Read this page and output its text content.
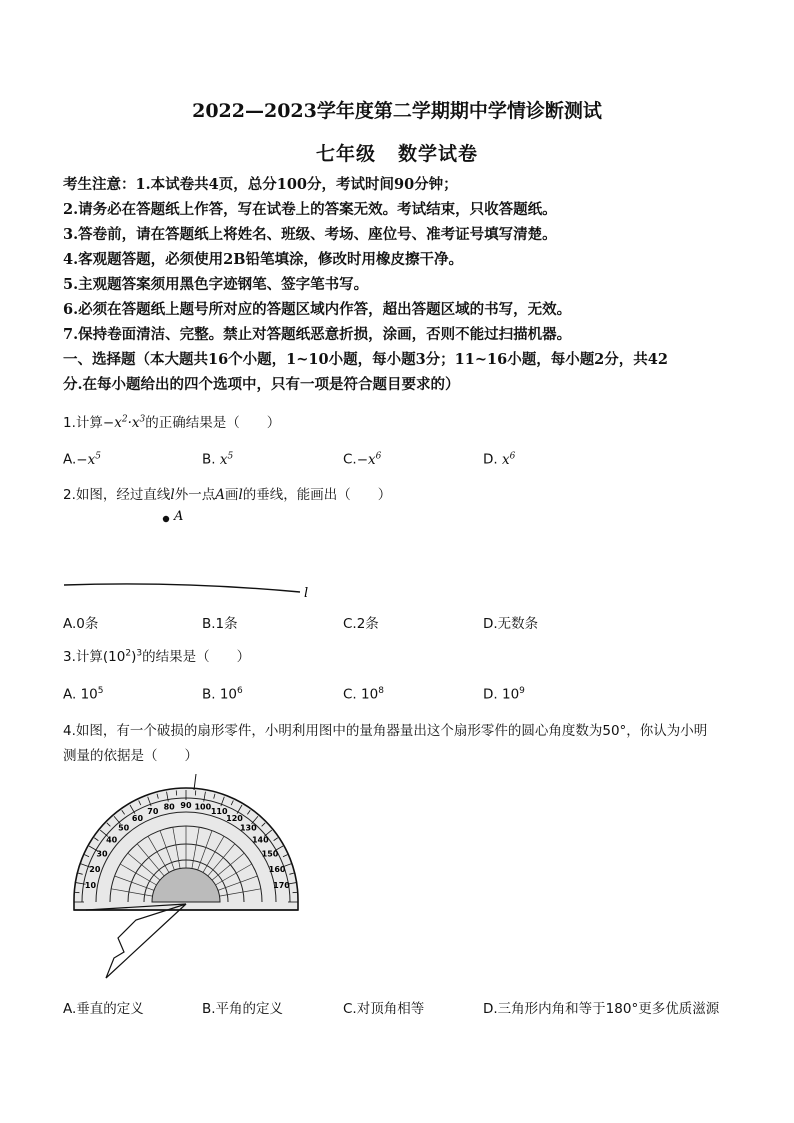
2022—2023学年度第二学期期中学情诊断测试
七年级 数学试卷
考生注意：1.本试卷共4页，总分100分，考试时间90分钟；
2.请务必在答题纸上作答，写在试卷上的答案无效。考试结束，只收答题纸。
3.答卷前，请在答题纸上将姓名、班级、考场、座位号、准考证号填写清楚。
4.客观题答题，必须使用2B铅笔填涂，修改时用橡皮擦干净。
5.主观题答案须用黑色字迹钢笔、签字笔书写。
6.必须在答题纸上题号所对应的答题区域内作答，超出答题区域的书写，无效。
7.保持卷面清洁、完整。禁止对答题纸恶意折损，涂画，否则不能过扫描机器。
一、选择题（本大题共16个小题，1~10小题，每小题3分；11~16小题，每小题2分，共42
分.在每小题给出的四个选项中，只有一项是符合题目要求的）
1.计算$-x^2\cdot x^3$的正确结果是（　　）
$A.-x^5$	B. $x^5$	$C.-x^6$	D. $x^6$
2.如图，经过直线l外一点A画l的垂线，能画出（　　）
A
l
A.0条	B.1条	C.2条	D.无数条
3.计算$(10^2)^3$的结果是（　　）
A. $10^5$	B. $10^6$	C. $10^8$	D. $10^9$
4.如图，有一个破损的扇形零件，小明利用图中的量角器量出这个扇形零件的圆心角度数为50°，你认为小明
测量的依据是（　　）
10
20
30
40
50
60
70 80 90 100 110
120
130
140
150
160
170
A.垂直的定义	B.平角的定义	C.对顶角相等	D.三角形内角和等于180°更多优质滋源
